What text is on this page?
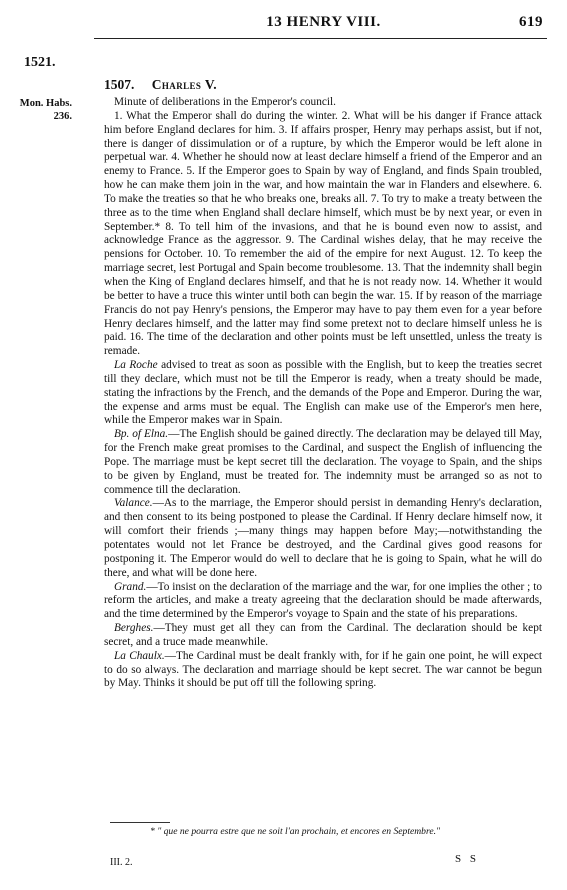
13 HENRY VIII.	619
1521.
1507. Charles V.
Mon. Habs.
236.

Minute of deliberations in the Emperor's council.

1. What the Emperor shall do during the winter. 2. What will be his danger if France attack him before England declares for him. 3. If affairs prosper, Henry may perhaps assist, but if not, there is danger of dissimulation or of a rupture, by which the Emperor would be left alone in perpetual war. 4. Whether he should now at least declare himself a friend of the Emperor and an enemy to France. 5. If the Emperor goes to Spain by way of England, and finds Spain troubled, how he can make them join in the war, and how maintain the war in Flanders and elsewhere. 6. To make the treaties so that he who breaks one, breaks all. 7. To try to make a treaty between the three as to the time when England shall declare himself, which must be by next year, or even in September.* 8. To tell him of the invasions, and that he is bound even now to assist, and acknowledge France as the aggressor. 9. The Cardinal wishes delay, that he may receive the pensions for October. 10. To remember the aid of the empire for next August. 12. To keep the marriage secret, lest Portugal and Spain become troublesome. 13. That the indemnity shall begin when the King of England declares himself, and that he is not ready now. 14. Whether it would be better to have a truce this winter until both can begin the war. 15. If by reason of the marriage Francis do not pay Henry's pensions, the Emperor may have to pay them even for a year before Henry declares himself, and the latter may find some pretext not to declare himself unless he is paid. 16. The time of the declaration and other points must be left unsettled, unless the treaty is remade.

La Roche advised to treat as soon as possible with the English, but to keep the treaties secret till they declare, which must not be till the Emperor is ready, when a treaty should be made, stating the infractions by the French, and the demands of the Pope and Emperor. During the war, the expense and arms must be equal. The English can make use of the Emperor's men here, while the Emperor makes war in Spain.

Bp. of Elna.—The English should be gained directly. The declaration may be delayed till May, for the French make great promises to the Cardinal, and suspect the English of influencing the Pope. The marriage must be kept secret till the declaration. The voyage to Spain, and the ships to be given by England, must be treated for. The indemnity must be arranged so as not to commence till the declaration.

Valance.—As to the marriage, the Emperor should persist in demanding Henry's declaration, and then consent to its being postponed to please the Cardinal. If Henry declare himself now, it will comfort their friends ;—many things may happen before May;—notwithstanding the potentates would not let France be destroyed, and the Cardinal gives good reasons for postponing it. The Emperor would do well to declare that he is going to Spain, what he will do there, and what will be done here.

Grand.—To insist on the declaration of the marriage and the war, for one implies the other ; to reform the articles, and make a treaty agreeing that the declaration should be made afterwards, and the time determined by the Emperor's voyage to Spain and the state of his preparations.

Berghes.—They must get all they can from the Cardinal. The declaration should be kept secret, and a truce made meanwhile.

La Chaulx.—The Cardinal must be dealt frankly with, for if he gain one point, he will expect to do so always. The declaration and marriage should be kept secret. The war cannot be begun by May. Thinks it should be put off till the following spring.

* " que ne pourra estre que ne soit l'an prochain, et encores en Septembre."
III. 2.	S S
